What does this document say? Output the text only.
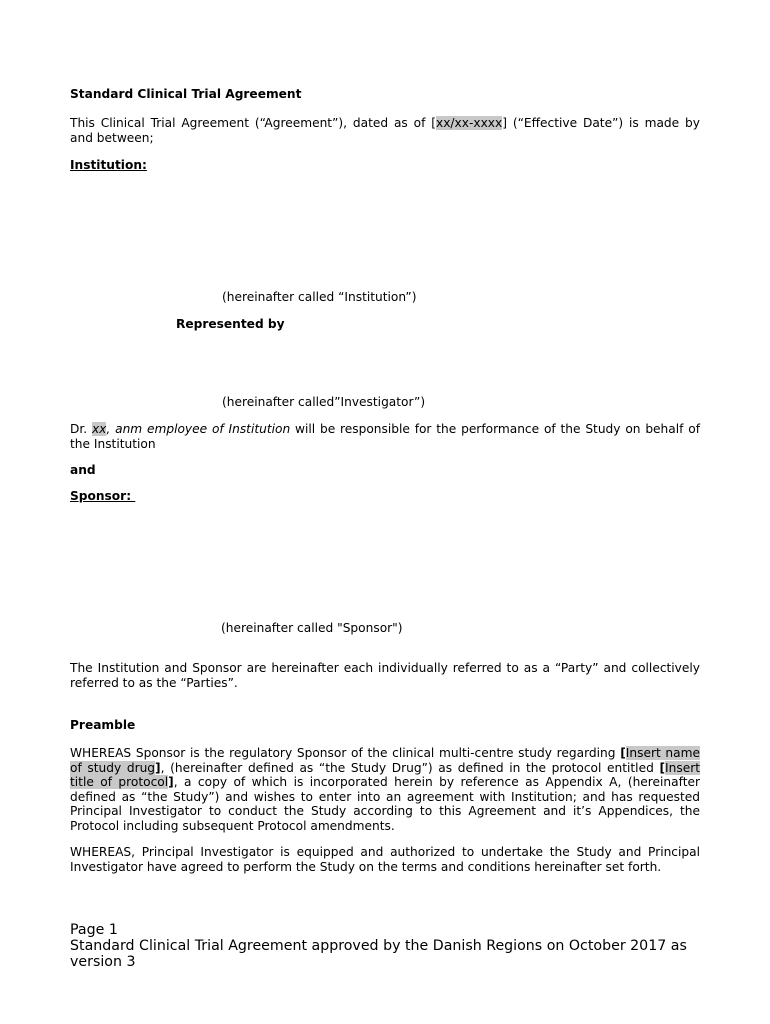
Standard Clinical Trial Agreement

This Clinical Trial Agreement (“Agreement”), dated as of [xx/xx-xxxx] (“Effective Date”) is made by and between;

Institution:

(hereinafter called “Institution”)

Represented by

(hereinafter called”Investigator”)

Dr. xx, anm employee of Institution will be responsible for the performance of the Study on behalf of the Institution

and

Sponsor:

(hereinafter called "Sponsor")

The Institution and Sponsor are hereinafter each individually referred to as a “Party” and collectively referred to as the “Parties”.

Preamble

WHEREAS Sponsor is the regulatory Sponsor of the clinical multi-centre study regarding [Insert name of study drug], (hereinafter defined as “the Study Drug”) as defined in the protocol entitled [Insert title of protocol], a copy of which is incorporated herein by reference as Appendix A, (hereinafter defined as “the Study”) and wishes to enter into an agreement with Institution; and has requested Principal Investigator to conduct the Study according to this Agreement and it’s Appendices, the Protocol including subsequent Protocol amendments.

WHEREAS, Principal Investigator is equipped and authorized to undertake the Study and Principal Investigator have agreed to perform the Study on the terms and conditions hereinafter set forth.

Page 1

Standard Clinical Trial Agreement approved by the Danish Regions on October 2017 as version 3
